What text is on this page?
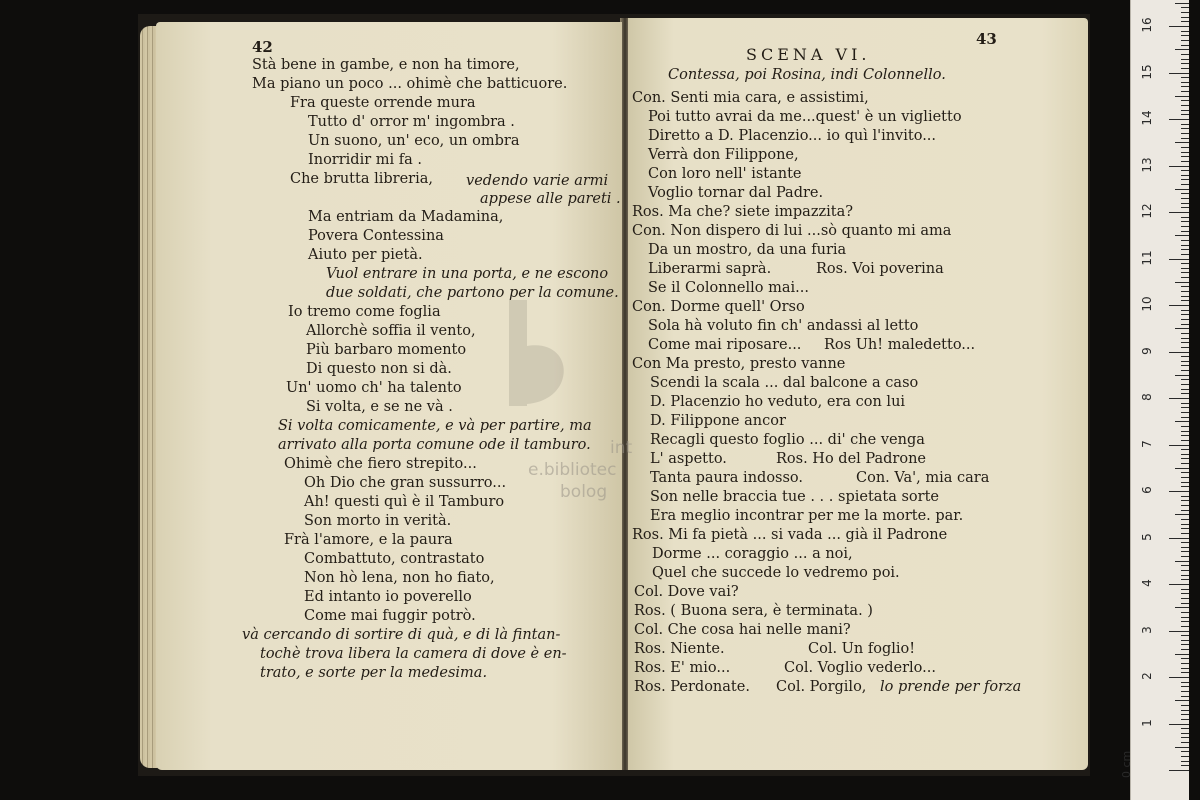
42
Stà bene in gambe, e non ha timore,
Ma piano un poco ... ohimè che batticuore.
Fra queste orrende mura
Tutto d' orror m' ingombra .
Un suono, un' eco, un ombra
Inorridir mi fa .
Che brutta libreria, vedendo varie armi
appese alle pareti .
Ma entriam da Madamina,
Povera Contessina
Aiuto per pietà.
Vuol entrare in una porta, e ne escono
due soldati, che partono per la comune.
Io tremo come foglia
Allorchè soffia il vento,
Più barbaro momento
Di questo non si dà.
Un' uomo ch' ha talento
Si volta, e se ne và .
Si volta comicamente, e và per partire, ma
arrivato alla porta comune ode il tamburo.
Ohimè che fiero strepito...
Oh Dio che gran sussurro...
Ah! questi quì è il Tamburo
Son morto in verità.
Frà l'amore, e la paura
Combattuto, contrastato
Non hò lena, non ho fiato,
Ed intanto io poverello
Come mai fuggir potrò.
và cercando di sortire di quà, e di là fintan-
tochè trova libera la camera di dove è en-
trato, e sorte per la medesima.
SCENA VI.
43
Contessa, poi Rosina, indi Colonnello.
Con. Senti mia cara, e assistimi,
Poi tutto avrai da me...quest' è un viglietto
Diretto a D. Placenzio... io quì l'invito...
Verrà don Filippone,
Con loro nell' istante
Voglio tornar dal Padre.
Ros. Ma che? siete impazzita?
Con. Non dispero di lui ...sò quanto mi ama
Da un mostro, da una furia
Liberarmi saprà.	Ros. Voi poverina
Se il Colonnello mai...
Con. Dorme quell' Orso
Sola hà voluto fin ch' andassi al letto
Come mai riposare... Ros Uh! maledetto...
Con Ma presto, presto vanne
Scendi la scala ... dal balcone a caso
D. Placenzio ho veduto, era con lui
D. Filippone ancor
Recagli questo foglio ... di' che venga
L' aspetto.	Ros. Ho del Padrone
Tanta paura indosso.	Con. Va', mia cara
Son nelle braccia tue . . . spietata sorte
Era meglio incontrar per me la morte. par.
Ros. Mi fa pietà ... si vada ... già il Padrone
Dorme ... coraggio ... a noi,
Quel che succede lo vedremo poi.
Col. Dove vai?
Ros. ( Buona sera, è terminata. )
Col. Che cosa hai nelle mani?
Ros. Niente.	Col. Un foglio!
Ros. E' mio...	Col. Voglio vederlo...
Ros. Perdonate. Col. Porgilo, lo prende per forza
int
e.bibliotec
bolog
1
2
3
4
5
6
7
8
9
10
11
12
13
14
15
16
0 cm
